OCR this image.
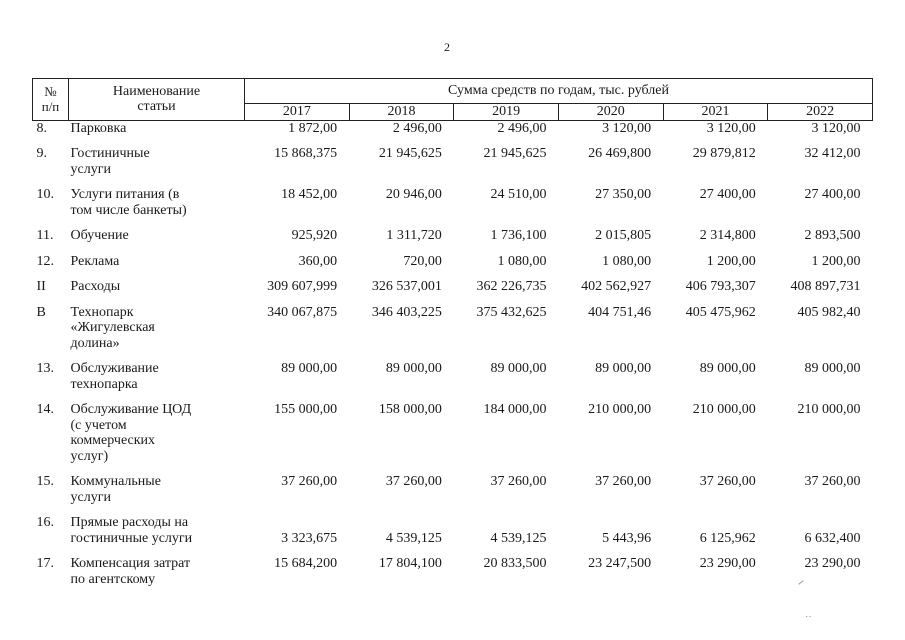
2
№
п/п	Наименование
статьи	Сумма средств по годам, тыс. рублей					
		2017	2018	2019	2020	2021	2022
8.	Парковка	1 872,00	2 496,00	2 496,00	3 120,00	3 120,00	3 120,00
9.	Гостиничные
услуги	15 868,375	21 945,625	21 945,625	26 469,800	29 879,812	32 412,00
10.	Услуги питания (в
том числе банкеты)	18 452,00	20 946,00	24 510,00	27 350,00	27 400,00	27 400,00
11.	Обучение	925,920	1 311,720	1 736,100	2 015,805	2 314,800	2 893,500
12.	Реклама	360,00	720,00	1 080,00	1 080,00	1 200,00	1 200,00
II	Расходы	309 607,999	326 537,001	362 226,735	402 562,927	406 793,307	408 897,731
В	Технопарк
«Жигулевская
долина»	340 067,875	346 403,225	375 432,625	404 751,46	405 475,962	405 982,40
13.	Обслуживание
технопарка	89 000,00	89 000,00	89 000,00	89 000,00	89 000,00	89 000,00
14.	Обслуживание ЦОД
(с учетом
коммерческих
услуг)	155 000,00	158 000,00	184 000,00	210 000,00	210 000,00	210 000,00
15.	Коммунальные
услуги	37 260,00	37 260,00	37 260,00	37 260,00	37 260,00	37 260,00
16.	Прямые расходы на
гостиничные услуги	3 323,675	4 539,125	4 539,125	5 443,96	6 125,962	6 632,400
17.	Компенсация затрат
по агентскому	15 684,200	17 804,100	20 833,500	23 247,500	23 290,00	23 290,00
˙˙
